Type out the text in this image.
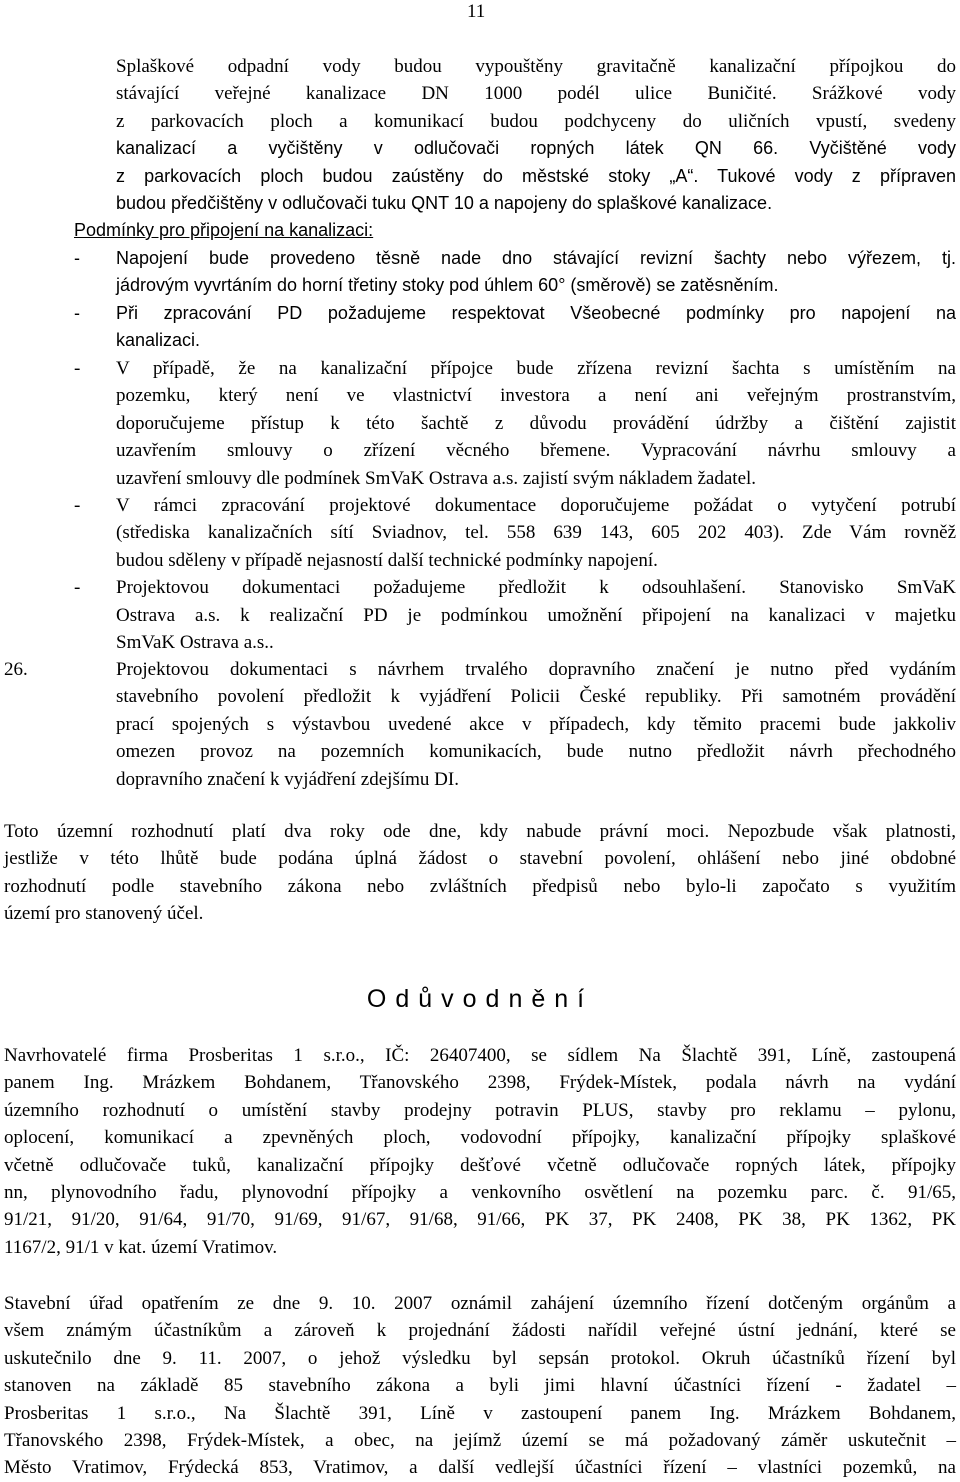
11
Splaškové odpadní vody budou vypouštěny gravitačně kanalizační přípojkou do
stávající veřejné kanalizace DN 1000 podél ulice Buničité. Srážkové vody
z parkovacích ploch a komunikací budou podchyceny do uličních vpustí, svedeny
kanalizací a vyčištěny v odlučovači ropných látek QN 66. Vyčištěné vody
z parkovacích ploch budou zaústěny do městské stoky „A“. Tukové vody z přípraven
budou předčištěny v odlučovači tuku QNT 10 a napojeny do splaškové kanalizace.
Podmínky pro připojení na kanalizaci:
- Napojení bude provedeno těsně nade dno stávající revizní šachty nebo výřezem, tj.
jádrovým vyvrtáním do horní třetiny stoky pod úhlem 60° (směrově) se zatěsněním.
- Při zpracování PD požadujeme respektovat Všeobecné podmínky pro napojení na
kanalizaci.
- V případě, že na kanalizační přípojce bude zřízena revizní šachta s umístěním na
pozemku, který není ve vlastnictví investora a není ani veřejným prostranstvím,
doporučujeme přístup k této šachtě z důvodu provádění údržby a čištění zajistit
uzavřením smlouvy o zřízení věcného břemene. Vypracování návrhu smlouvy a
uzavření smlouvy dle podmínek SmVaK Ostrava a.s. zajistí svým nákladem žadatel.
- V rámci zpracování projektové dokumentace doporučujeme požádat o vytyčení potrubí
(střediska kanalizačních sítí Sviadnov, tel. 558 639 143, 605 202 403). Zde Vám rovněž
budou sděleny v případě nejasností další technické podmínky napojení.
- Projektovou dokumentaci požadujeme předložit k odsouhlašení. Stanovisko SmVaK
Ostrava a.s. k realizační PD je podmínkou umožnění připojení na kanalizaci v majetku
SmVaK Ostrava a.s..
26.	Projektovou dokumentaci s návrhem trvalého dopravního značení je nutno před vydáním
stavebního povolení předložit k vyjádření Policii České republiky. Při samotném provádění
prací spojených s výstavbou uvedené akce v případech, kdy těmito pracemi bude jakkoliv
omezen provoz na pozemních komunikacích, bude nutno předložit návrh přechodného
dopravního značení k vyjádření zdejšímu DI.
Toto územní rozhodnutí platí dva roky ode dne, kdy nabude právní moci. Nepozbude však platnosti,
jestliže v této lhůtě bude podána úplná žádost o stavební povolení, ohlášení nebo jiné obdobné
rozhodnutí podle stavebního zákona nebo zvláštních předpisů nebo bylo-li započato s využitím
území pro stanovený účel.
Odůvodnění
Navrhovatelé firma Prosberitas 1 s.r.o., IČ: 26407400, se sídlem Na Šlachtě 391, Líně, zastoupená
panem Ing. Mrázkem Bohdanem, Třanovského 2398, Frýdek-Místek, podala návrh na vydání
územního rozhodnutí o umístění stavby prodejny potravin PLUS, stavby pro reklamu – pylonu,
oplocení, komunikací a zpevněných ploch, vodovodní přípojky, kanalizační přípojky splaškové
včetně odlučovače tuků, kanalizační přípojky dešťové včetně odlučovače ropných látek, přípojky
nn, plynovodního řadu, plynovodní přípojky a venkovního osvětlení na pozemku parc. č. 91/65,
91/21, 91/20, 91/64, 91/70, 91/69, 91/67, 91/68, 91/66, PK 37, PK 2408, PK 38, PK 1362, PK
1167/2, 91/1 v kat. území Vratimov.
Stavební úřad opatřením ze dne 9. 10. 2007 oznámil zahájení územního řízení dotčeným orgánům a
všem známým účastníkům a zároveň k projednání žádosti nařídil veřejné ústní jednání, které se
uskutečnilo dne 9. 11. 2007, o jehož výsledku byl sepsán protokol. Okruh účastníků řízení byl
stanoven na základě 85 stavebního zákona a byli jimi hlavní účastníci řízení - žadatel –
Prosberitas 1 s.r.o., Na Šlachtě 391, Líně v zastoupení panem Ing. Mrázkem Bohdanem,
Třanovského 2398, Frýdek-Místek, a obec, na jejímž území se má požadovaný záměr uskutečnit –
Město Vratimov, Frýdecká 853, Vratimov, a další vedlejší účastníci řízení – vlastníci pozemků, na
